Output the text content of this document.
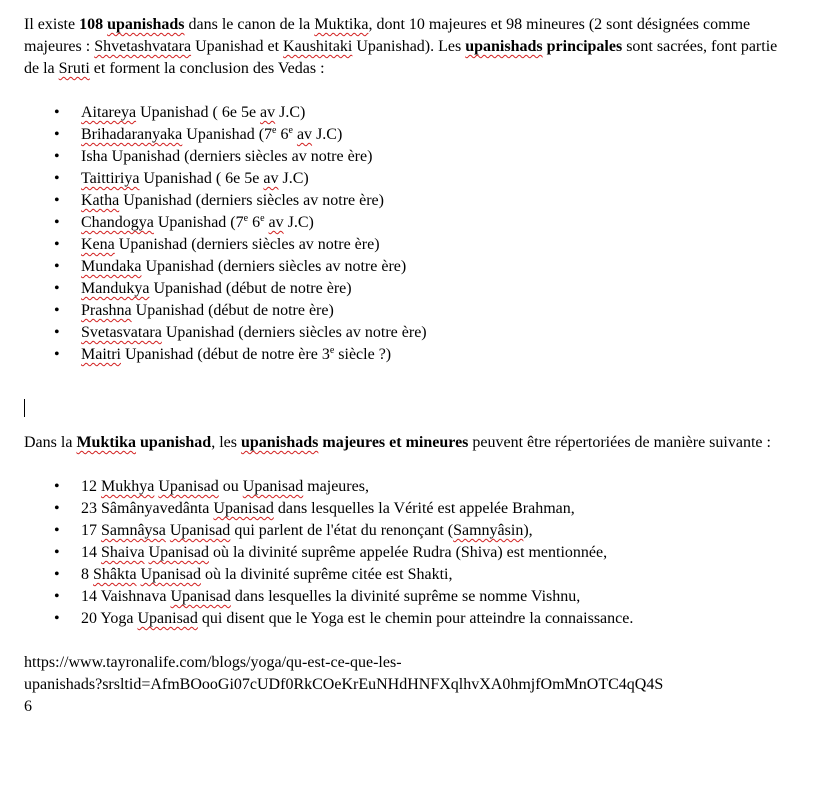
Il existe 108 upanishads dans le canon de la Muktika, dont 10 majeures et 98 mineures (2 sont désignées comme majeures : Shvetashvatara Upanishad et Kaushitaki Upanishad). Les upanishads principales sont sacrées, font partie de la Sruti et forment la conclusion des Vedas :

• Aitareya Upanishad ( 6e 5e av J.C)
• Brihadaranyaka Upanishad (7e 6e av J.C)
• Isha Upanishad (derniers siècles av notre ère)
• Taittiriya Upanishad ( 6e 5e av J.C)
• Katha Upanishad (derniers siècles av notre ère)
• Chandogya Upanishad (7e 6e av J.C)
• Kena Upanishad (derniers siècles av notre ère)
• Mundaka Upanishad (derniers siècles av notre ère)
• Mandukya Upanishad (début de notre ère)
• Prashna Upanishad (début de notre ère)
• Svetasvatara Upanishad (derniers siècles av notre ère)
• Maitri Upanishad (début de notre ère 3e siècle ?)

Dans la Muktika upanishad, les upanishads majeures et mineures peuvent être répertoriées de manière suivante :

• 12 Mukhya Upanisad ou Upanisad majeures,
• 23 Sâmânyavedânta Upanisad dans lesquelles la Vérité est appelée Brahman,
• 17 Samnâysa Upanisad qui parlent de l'état du renonçant (Samnyâsin),
• 14 Shaiva Upanisad où la divinité suprême appelée Rudra (Shiva) est mentionnée,
• 8 Shâkta Upanisad où la divinité suprême citée est Shakti,
• 14 Vaishnava Upanisad dans lesquelles la divinité suprême se nomme Vishnu,
• 20 Yoga Upanisad qui disent que le Yoga est le chemin pour atteindre la connaissance.

https://www.tayronalife.com/blogs/yoga/qu-est-ce-que-les-
upanishads?srsltid=AfmBOooGi07cUDf0RkCOeKrEuNHdHNFXqlhvXA0hmjfOmMnOTC4qQ4S
6
